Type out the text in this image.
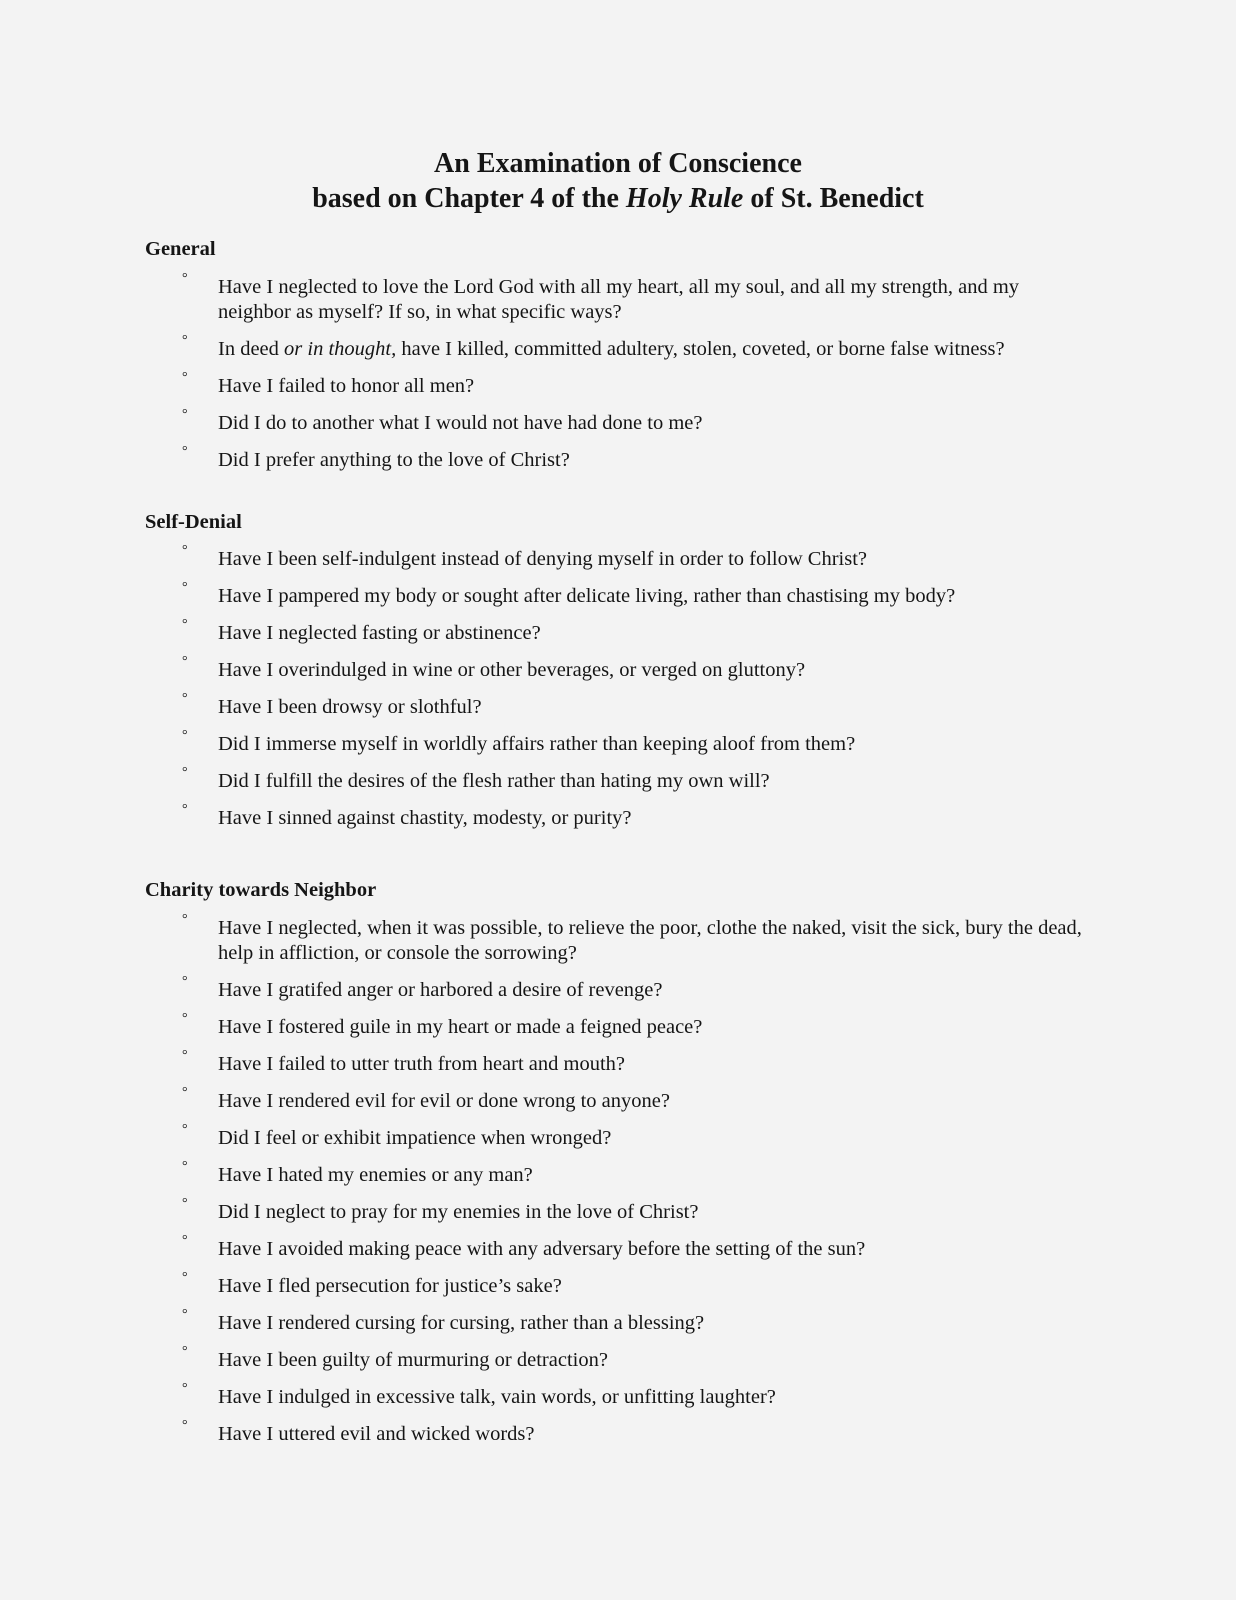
An Examination of Conscience
based on Chapter 4 of the Holy Rule of St. Benedict
General
° Have I neglected to love the Lord God with all my heart, all my soul, and all my strength, and my neighbor as myself? If so, in what specific ways?
° In deed or in thought, have I killed, committed adultery, stolen, coveted, or borne false witness?
° Have I failed to honor all men?
° Did I do to another what I would not have had done to me?
° Did I prefer anything to the love of Christ?
Self-Denial
° Have I been self-indulgent instead of denying myself in order to follow Christ?
° Have I pampered my body or sought after delicate living, rather than chastising my body?
° Have I neglected fasting or abstinence?
° Have I overindulged in wine or other beverages, or verged on gluttony?
° Have I been drowsy or slothful?
° Did I immerse myself in worldly affairs rather than keeping aloof from them?
° Did I fulfill the desires of the flesh rather than hating my own will?
° Have I sinned against chastity, modesty, or purity?
Charity towards Neighbor
° Have I neglected, when it was possible, to relieve the poor, clothe the naked, visit the sick, bury the dead, help in affliction, or console the sorrowing?
° Have I gratifed anger or harbored a desire of revenge?
° Have I fostered guile in my heart or made a feigned peace?
° Have I failed to utter truth from heart and mouth?
° Have I rendered evil for evil or done wrong to anyone?
° Did I feel or exhibit impatience when wronged?
° Have I hated my enemies or any man?
° Did I neglect to pray for my enemies in the love of Christ?
° Have I avoided making peace with any adversary before the setting of the sun?
° Have I fled persecution for justice’s sake?
° Have I rendered cursing for cursing, rather than a blessing?
° Have I been guilty of murmuring or detraction?
° Have I indulged in excessive talk, vain words, or unfitting laughter?
° Have I uttered evil and wicked words?
